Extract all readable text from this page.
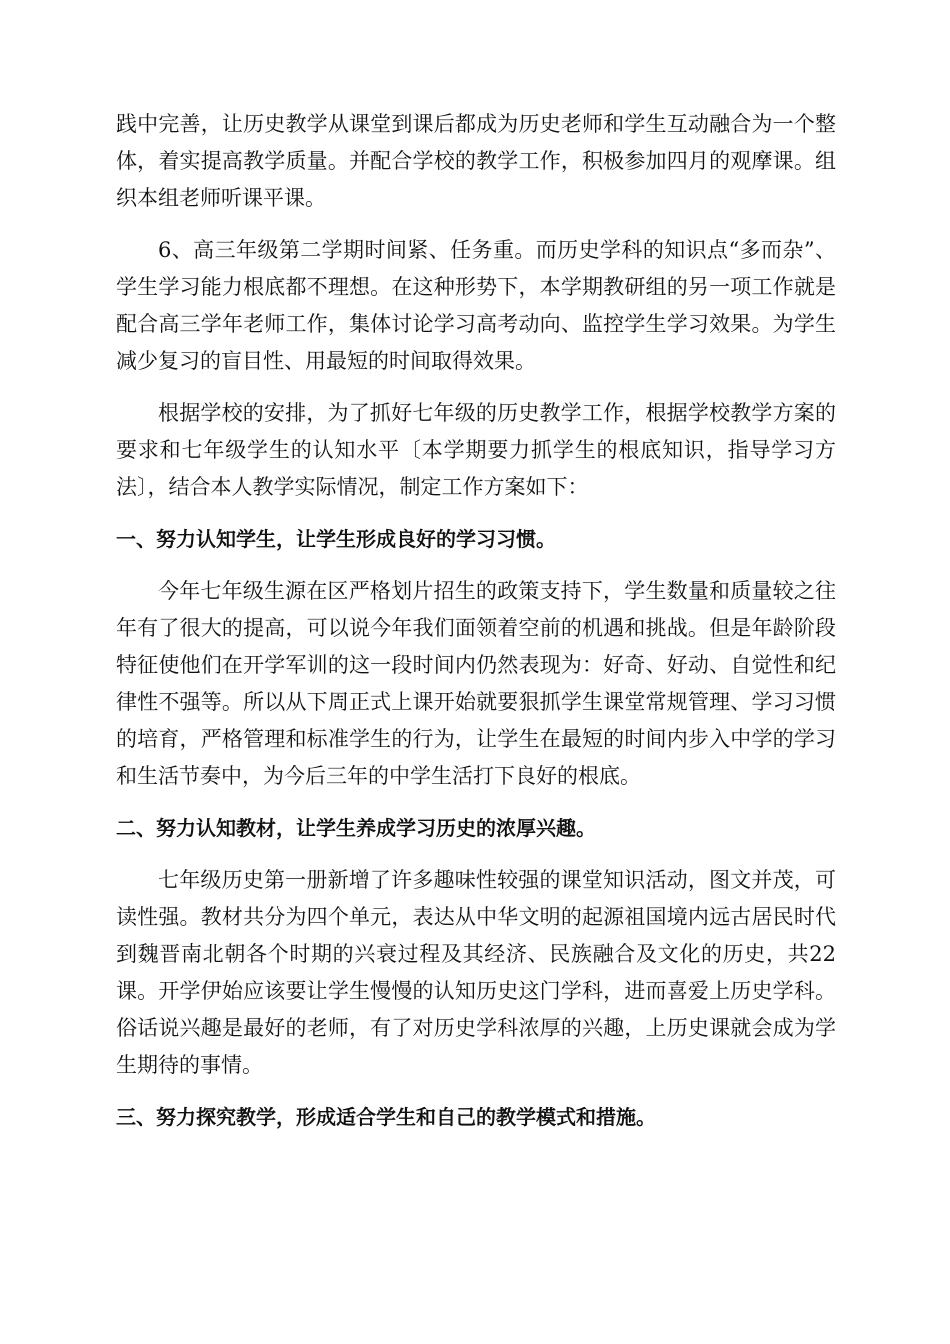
践中完善，让历史教学从课堂到课后都成为历史老师和学生互动融合为一个整体，着实提高教学质量。并配合学校的教学工作，积极参加四月的观摩课。组织本组老师听课平课。

6、高三年级第二学期时间紧、任务重。而历史学科的知识点“多而杂”、学生学习能力根底都不理想。在这种形势下，本学期教研组的另一项工作就是配合高三学年老师工作，集体讨论学习高考动向、监控学生学习效果。为学生减少复习的盲目性、用最短的时间取得效果。

根据学校的安排，为了抓好七年级的历史教学工作，根据学校教学方案的要求和七年级学生的认知水平〔本学期要力抓学生的根底知识，指导学习方法〕，结合本人教学实际情况，制定工作方案如下：

一、努力认知学生，让学生形成良好的学习习惯。

今年七年级生源在区严格划片招生的政策支持下，学生数量和质量较之往年有了很大的提高，可以说今年我们面领着空前的机遇和挑战。但是年龄阶段特征使他们在开学军训的这一段时间内仍然表现为：好奇、好动、自觉性和纪律性不强等。所以从下周正式上课开始就要狠抓学生课堂常规管理、学习习惯的培育，严格管理和标准学生的行为，让学生在最短的时间内步入中学的学习和生活节奏中，为今后三年的中学生活打下良好的根底。

二、努力认知教材，让学生养成学习历史的浓厚兴趣。

七年级历史第一册新增了许多趣味性较强的课堂知识活动，图文并茂，可读性强。教材共分为四个单元，表达从中华文明的起源祖国境内远古居民时代到魏晋南北朝各个时期的兴衰过程及其经济、民族融合及文化的历史，共22课。开学伊始应该要让学生慢慢的认知历史这门学科，进而喜爱上历史学科。俗话说兴趣是最好的老师，有了对历史学科浓厚的兴趣，上历史课就会成为学生期待的事情。

三、努力探究教学，形成适合学生和自己的教学模式和措施。
